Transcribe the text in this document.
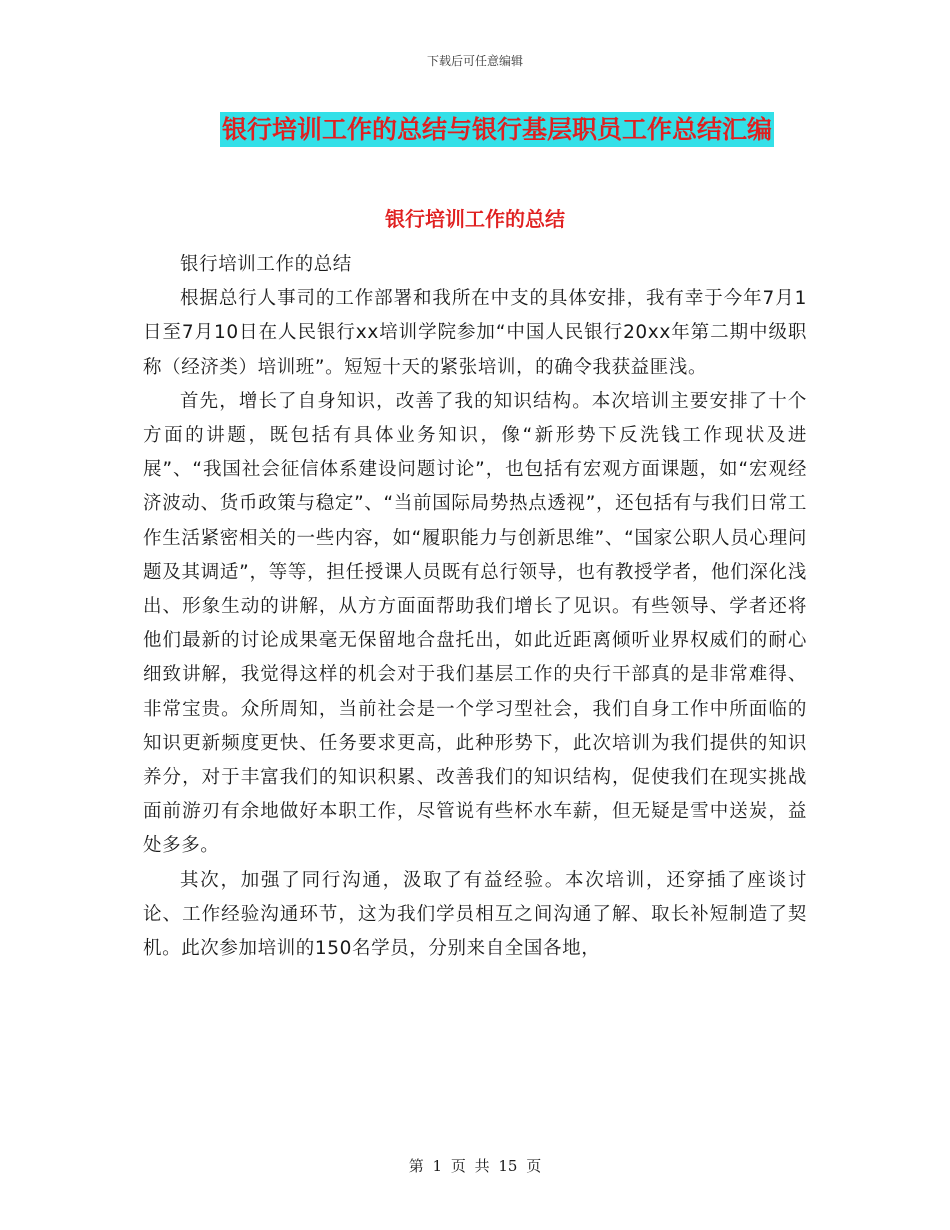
下载后可任意编辑
银行培训工作的总结与银行基层职员工作总结汇编
银行培训工作的总结

银行培训工作的总结

根据总行人事司的工作部署和我所在中支的具体安排，我有幸于今年7月1日至7月10日在人民银行xx培训学院参加“中国人民银行20xx年第二期中级职称（经济类）培训班”。短短十天的紧张培训，的确令我获益匪浅。

首先，增长了自身知识，改善了我的知识结构。本次培训主要安排了十个方面的讲题，既包括有具体业务知识，像“新形势下反洗钱工作现状及进展”、“我国社会征信体系建设问题讨论”，也包括有宏观方面课题，如“宏观经济波动、货币政策与稳定”、“当前国际局势热点透视”，还包括有与我们日常工作生活紧密相关的一些内容，如“履职能力与创新思维”、“国家公职人员心理问题及其调适”，等等，担任授课人员既有总行领导，也有教授学者，他们深化浅出、形象生动的讲解，从方方面面帮助我们增长了见识。有些领导、学者还将他们最新的讨论成果毫无保留地合盘托出，如此近距离倾听业界权威们的耐心细致讲解，我觉得这样的机会对于我们基层工作的央行干部真的是非常难得、非常宝贵。众所周知，当前社会是一个学习型社会，我们自身工作中所面临的知识更新频度更快、任务要求更高，此种形势下，此次培训为我们提供的知识养分，对于丰富我们的知识积累、改善我们的知识结构，促使我们在现实挑战面前游刃有余地做好本职工作，尽管说有些杯水车薪，但无疑是雪中送炭，益处多多。

其次，加强了同行沟通，汲取了有益经验。本次培训，还穿插了座谈讨论、工作经验沟通环节，这为我们学员相互之间沟通了解、取长补短制造了契机。此次参加培训的150名学员，分别来自全国各地，

第 1 页 共 15 页
